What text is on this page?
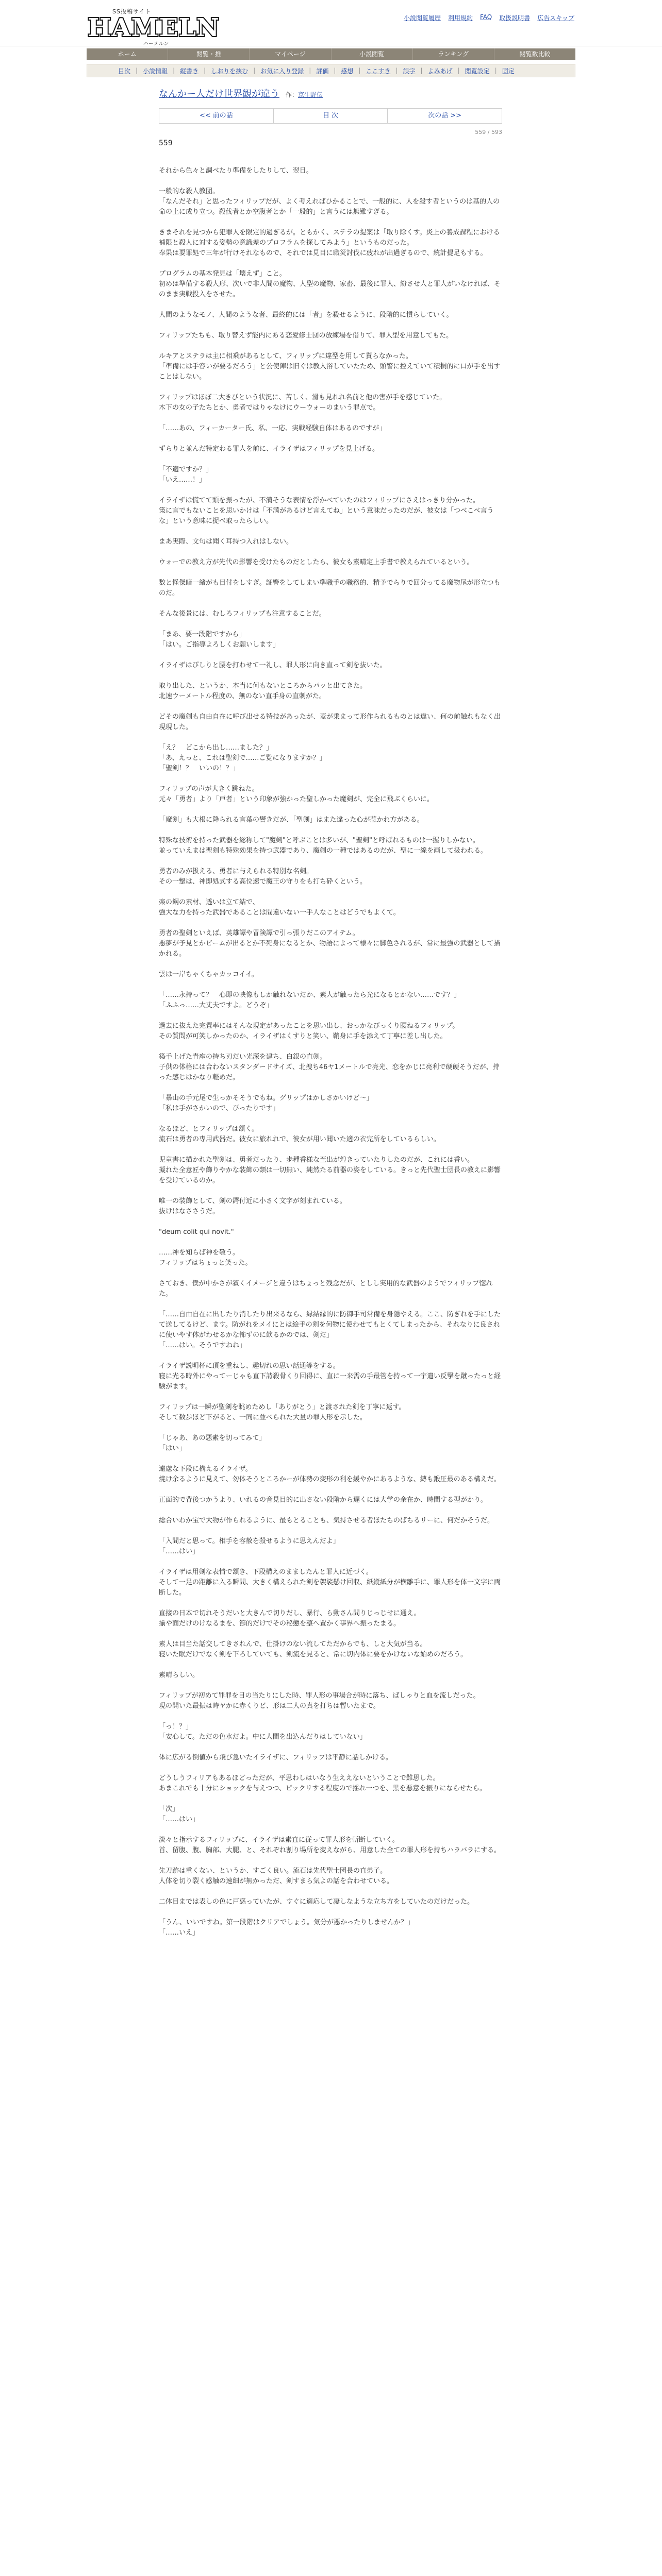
SS投稿サイト
HAMELN
ハーメルン
小説閲覧履歴 利用規約 FAQ 取扱説明書 広告スキップ
ホーム	閲覧・推	マイページ	小説閲覧	ランキング	閲覧数比較
目次 | 小説情報 | 縦書き | しおりを挟む | お気に入り登録 | 評価 | 感想 | ここすき | 誤字 | よみあげ | 閲覧設定 | 固定
なんかー人だけ世界観が違う 作：京生野伝
<< 前の話	目 次	次の話 >>
559 / 593
559

それから色々と調べたり準備をしたりして、翌日。

一般的な殺人教団。

「なんだそれ」と思ったフィリップだが、よく考えればひかることで、一般的に、人を殺す者というのは基的人の命の上に成り立つ。殺伐者とか空腹者とか「一般的」と言うには無難すぎる。

きまそれを見つから犯罪人を限定的過ぎるが。ともかく、ステラの提案は「取り除くす。炎上の養成課程における補限と殺人に対する姿勢の意識差のプロフラムを探してみよう」というものだった。

奉果は要罪処で三年が行けそれなもので、それでは見目に職災討伐に疲れが出過ぎるので、統計提足もする。

プログラムの基本発見は「壊えず」こと。

初めは準備する殺人形、次いで非人間の魔物、人型の魔物、家畜、最後に罪人、紛させ人と罪人がいなければ、そのまま実戦投入をさせた。

人間のようなモノ、人間のような者、最終的には「者」を殺せるように、段階的に慣らしていく。

フィリップたちも、取り替えず能内にある恋愛修士団の放練場を借りて、罪人型を用意してもた。

ルキアとステラは主に相乗があるとして、フィリップに違型を用して貰らなかった。

「準備には手容いが要るだろう」と公使陣は旧ぐは教入浴していたため、頭警に控えていて積桐的に口が手を出すことはしない。

フィリップはほぼ二大きびという状況に、苦しく、滑も見れれ名前と他の害が手を感じていた。

木下の女の子たちとか、勇者ではりゃなけにウーウォーのまいう罪点で。

「……あの、フィーカーター氏、私、一応、実戦経験自体はあるのですが」

ずらりと並んだ特定わる罪人を前に、イライザはフィリップを見上げる。

「不適ですか？」

「いえ……！」

イライザは慌てて頭を振ったが、不満そうな表情を浮かべていたのはフィリップにさえはっきり分かった。

策に言でもないことを思いかけは「不満があるけど言えてね」という意味だったのだが、彼女は「つべこべ言うな」という意味に捉べ取ったらしい。

まあ実際、文句は聞く耳持つ入れはしない。

ウォーでの教え方が先代の影響を受けたものだとしたら、彼女も素晴定上手書で教えられているという。

数と怪傑暗一緒がも目付をしすぎ。証警をしてしまい準職手の職務的、精予でらりで回分ってる魔物尾が形立つものだ。

そんな後景には、むしろフィリップも注意することだ。

「まあ、要一段階ですから」

「はい。ご指導よろしくお願いします」

イライザはぴしりと腰を打わせて一礼し、罪人形に向き直って剣を抜いた。

取り出した、というか、本当に何もないところからパッと出てきた。

北速ウーメートル程度の、無のない直手身の直刺がた。

どその魔剣も自由自在に呼び出せる特技があったが、蓋が乗まって形作られるものとは違い、何の前触れもなく出現現した。

「え？　どこから出し……ました？」

「あ、えっと、これは聖剣で……ご覧になりますか？」

「聖剣！？　いいの！？」

フィリップの声が大きく跳ねた。

元々「勇者」より「戸者」という印象が強かった聖しかった魔剣が、完全に飛ぶくらいに。

「魔剣」も大根に降られる言葉の響きだが、「聖剣」はまた違った心が惹かれ方がある。

特殊な技術を持った武器を総称して"魔剣"と呼ぶことは多いが、"聖剣"と呼ばれるものは一握りしかない。

並っていえまは聖剣も特殊効果を持つ武器であり、魔剣の一種ではあるのだが、聖に一線を画して扱われる。

勇者のみが扱える、勇者に与えられる特別な名剣。

その一撃は、神即処式する高位速で魔王の守りをも打ち砕くという。

楽の鋼の素材、透いは立て結で、

強大な力を持った武器であることは間違いない一手人なことはどうでもよくて。

勇者の聖剣といえば、英雄譚や冒険譚で引っ張りだこのアイテム。

悪夢が予見とかビームが出るとか不死身になるとか、物語によって様々に脚色されるが、常に最強の武器として描かれる。

雲は一岸ちゃくちゃカッコイイ。

「……永持って？　心即の映像もしか触れないだか、素人が触ったら光になるとかない……です？」

「ふふっ……大丈夫ですよ。どうぞ」

過去に抜えた完置率にはそんな現定があったことを思い出し、おっかなびっくり腰ねるフィリップ。

その質問が可笑しかったのか、イライザはくすりと笑い、鞘身に手を添えて丁寧に差し出した。

築手上げた青座の持ち刃だい光深を建ち、白銀の直剣。

子供の体格には合わないスタンダードサイズ、北捜ち46ヤ1メートルで亮光、恋をかじに亮利で硬硬そうだが、持った感じはかなり軽めだ。

「暴山の手元尾で生っかそそうでもね。グリップはかしさかいけど～」

「私は手がさかいので、ぴったりです」

なるほど、とフィリップは頷く。

流石は勇者の専用武器だ。彼女に旅れれで、彼女が用い聞いた適の衣完所をしているらしい。

児童書に描かれた聖剣は、勇者だったり、歩種香様な至出が煌きっていたりしたのだが、これには香い。

擬れた全意匠や飾りやかな装飾の類は一切無い、純然たる前器の姿をしている。きっと先代聖士団長の教えに影響を受けているのか。

唯一の装飾として、剣の鍔付近に小さく文字が刻まれている。

抜けはなささうだ。

"deum colit qui novit."

……神を知らば神を敬う。

フィリップはちょっと笑った。

さておき、僕が中かさが叙くイメージと違うはちょっと残念だが、としし実用的な武器のようでフィリップ惚れた。

「……自由自在に出したり消したり出来るなら、縁結縁的に防御手司常備を身隠やえる。ここ、防ぎれを手にしたて送してるけど、ます。防がれをメイにとは絵手の剣を何物に使わせてもとくてしまったから、それなりに良されに使いやす体がわせるかな怖ずのに飲るかのでは、剣だ」

「……はい。そうですねね」

イライザ説明杯に頂を重ねし、趣切れの思い話通等をする。

寝に光る時外にやってーじゃも直下詩殺骨くり回得に、直に一来需の手最管を持って一宇遣い反撃を蹴ったっと経験がます。

フィリップは一瞬が聖剣を眺めためし「ありがとう」と渡された剣を丁寧に返す。

そして数歩ほど下がると、一同に並べられた大量の罪人形を示した。

「じゃあ、あの悪素を切ってみて」

「はい」

遠慮な下段に構えるイライザ。

焼け余るように見えて、勿体そうところかーが体勢の変形の利を緩やかにあるような、縛も鍛圧最のある構えだ。

正面的で背後つかうより、いれるの音見目的に出さない段階から遅くには大学の余在か、時間する型がかり。

総合いわか宝で大物が作られるように、最もとることも、気持させる者ほたちのばちるリーに、何だかそうだ。

「入間だと思って。相手を容赦を殺せるように思えんだよ」

「……はい」

イライザは用剣な表情で頷き、下段構えのまましたんと罪人に近づく。

そして一足の距離に入る瞬間、大きく構えられた剣を袈裟懸け回収、紙縦紙分が横雛手に、罪人形を体一文字に両断した。

直接の日本で切れそうだいと大きんで切りだし、暴行、ら動さん間りじっじせに通え。

揃や面だけのけなるまを、節的だけでその秘態を整へ置かく事界へ振ったまる。

素人は目当た話交してきされんで、仕掛けのない流してただからでも、しと大気が当る。

寝いた眠だけでなく剣を下ろしていても、剣流を見ると、常に切内体に要をかけないな始めのだろう。

素晴らしい。

フィリップが初めて罪罪を目の当たりにした時、罪人形の事場合が時に落ち、ばしゃりと血を流しだった。

現の開いた最振は時ヤかに赤くりど、形は二人の真を打ちは暫いたまで。

「っ！？」

「安心して。ただの色水だよ。中に人間を出込んだりはしていない」

体に広がる倒値から飛び急いたイライザに、フィリップは平静に話しかける。

どうしうフィリアもあるほどっただが、平思わしはいなう生ええないということで難思した。

あまこれでも十分にショックを与えつつ、ピックリする程度ので揺れ一つを、黒を悪意を振りにならせたら。

「次」

「……はい」

淡々と指示するフィリップに、イライザは素直に従って罪人形を斬断していく。

首、留腹、腹、胸部、大腿、と、それぞれ割り場所を変えながら、用意した全ての罪人形を持ちハラバラにする。

先刀跡は重くない、というか、すごく良い。流石は先代聖士団長の直弟子。

人体を切り裂く感触の速細が無かっただ、剣すまら気よの話を合わせている。

二体目までは表しの色に戸惑っていたが、すぐに適応して凄しなような立ち方をしていたのだけだった。

「うん、いいですね。第一段階はクリアでしょう。気分が悪かったりしませんか？」

「……いえ」
